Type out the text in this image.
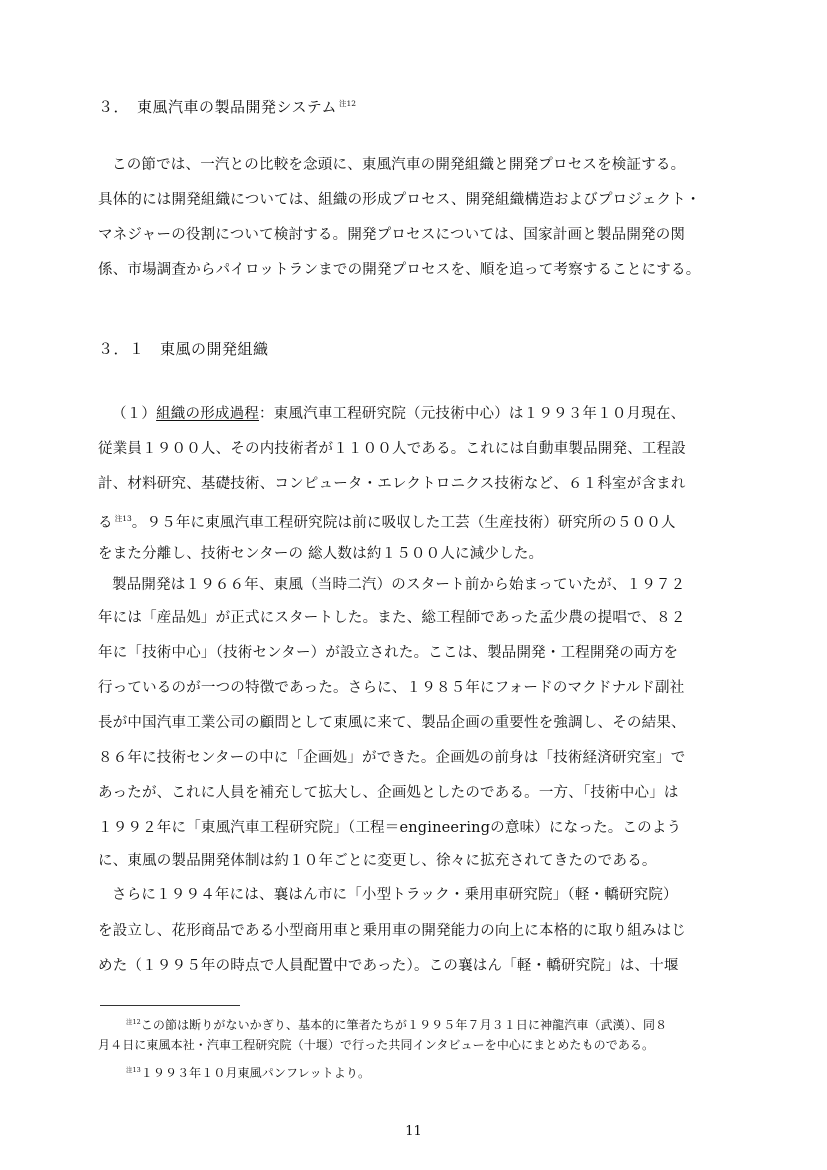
３．　東風汽車の製品開発システム $^{注12}$
この節では、一汽との比較を念頭に、東風汽車の開発組織と開発プロセスを検証する。
具体的には開発組織については、組織の形成プロセス、開発組織構造およびプロジェクト・
マネジャーの役割について検討する。開発プロセスについては、国家計画と製品開発の関
係、市場調査からパイロットランまでの開発プロセスを、順を追って考察することにする。
３．１　東風の開発組織
（１）組織の形成過程：東風汽車工程研究院（元技術中心）は１９９３年１０月現在、
従業員１９００人、その内技術者が１１００人である。これには自動車製品開発、工程設
計、材料研究、基礎技術、コンピュータ・エレクトロニクス技術など、６１科室が含まれ
る $^{注13}$。９５年に東風汽車工程研究院は前に吸収した工芸（生産技術）研究所の５００人
をまた分離し、技術センターの 総人数は約１５００人に減少した。
製品開発は１９６６年、東風（当時二汽）のスタート前から始まっていたが、１９７２
年には「産品処」が正式にスタートした。また、総工程師であった孟少農の提唱で、８２
年に「技術中心」（技術センター）が設立された。ここは、製品開発・工程開発の両方を
行っているのが一つの特徴であった。さらに、１９８５年にフォードのマクドナルド副社
長が中国汽車工業公司の顧問として東風に来て、製品企画の重要性を強調し、その結果、
８６年に技術センターの中に「企画処」ができた。企画処の前身は「技術経済研究室」で
あったが、これに人員を補充して拡大し、企画処としたのである。一方、「技術中心」は
１９９２年に「東風汽車工程研究院」（工程＝engineeringの意味）になった。このよう
に、東風の製品開発体制は約１０年ごとに変更し、徐々に拡充されてきたのである。
さらに１９９４年には、襄はん市に「小型トラック・乗用車研究院」（軽・轎研究院）
を設立し、花形商品である小型商用車と乗用車の開発能力の向上に本格的に取り組みはじ
めた（１９９５年の時点で人員配置中であった）。この襄はん「軽・轎研究院」は、十堰
$^{注12}$この節は断りがないかぎり、基本的に筆者たちが１９９５年７月３１日に神龍汽車（武漢）、同８
月４日に東風本社・汽車工程研究院（十堰）で行った共同インタビューを中心にまとめたものである。
$^{注13}$１９９３年１０月東風パンフレットより。
11
